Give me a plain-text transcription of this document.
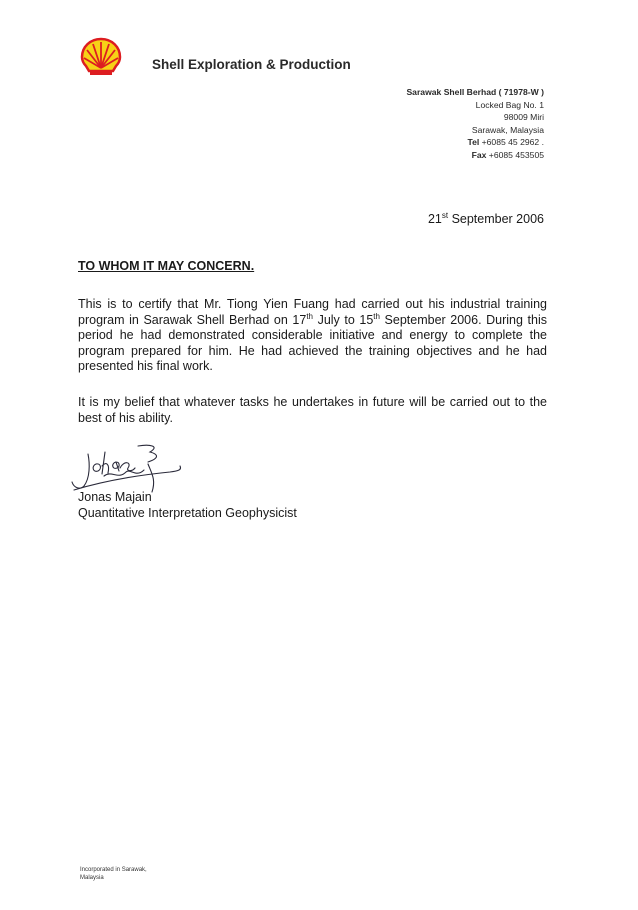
Shell Exploration & Production
Sarawak Shell Berhad ( 71978-W )
Locked Bag No. 1
98009 Miri
Sarawak, Malaysia
Tel +6085 45 2962 .
Fax +6085 453505
21st September 2006
TO WHOM IT MAY CONCERN.
This is to certify that Mr. Tiong Yien Fuang had carried out his industrial training program in Sarawak Shell Berhad on 17th July to 15th September 2006. During this period he had demonstrated considerable initiative and energy to complete the program prepared for him. He had achieved the training objectives and he had presented his final work.
It is my belief that whatever tasks he undertakes in future will be carried out to the best of his ability.
Jonas Majain
Quantitative Interpretation Geophysicist
Incorporated in Sarawak,
Malaysia
